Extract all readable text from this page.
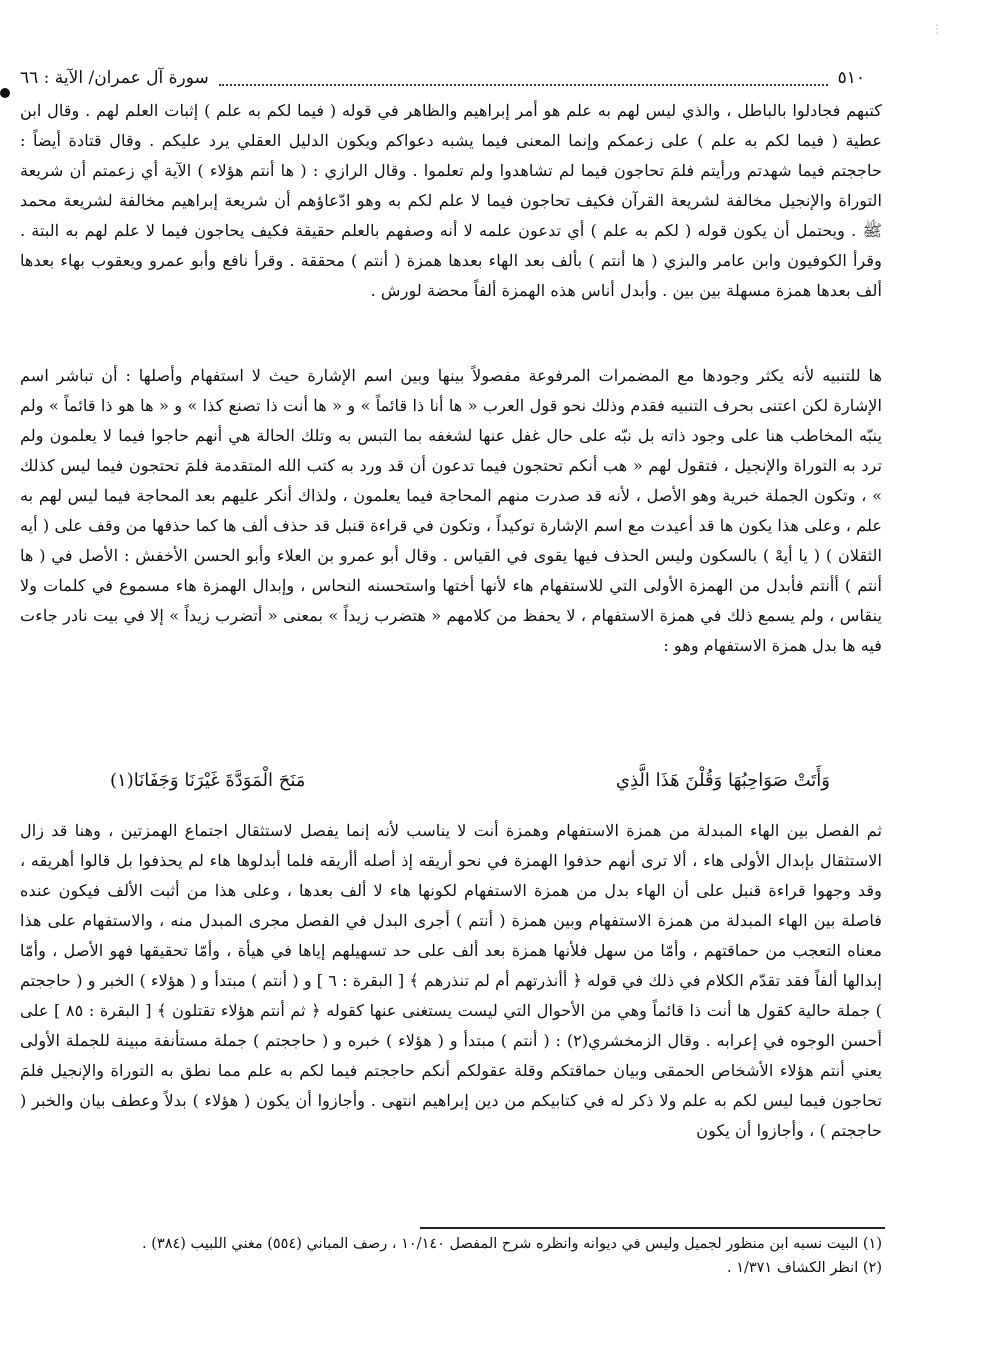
⋮
٥١٠
سورة آل عمران/ الآية : ٦٦

كتبهم فجادلوا بالباطل ، والذي ليس لهم به علم هو أمر إبراهيم والظاهر في قوله ( فيما لكم به علم ) إثبات العلم لهم . وقال ابن عطية ( فيما لكم به علم ) على زعمكم وإنما المعنى فيما يشبه دعواكم ويكون الدليل العقلي يرد عليكم . وقال قتادة أيضاً : حاججتم فيما شهدتم ورأيتم فلمَ تحاجون فيما لم تشاهدوا ولم تعلموا . وقال الرازي : ( ها أنتم هؤلاء ) الآية أي زعمتم أن شريعة التوراة والإنجيل مخالفة لشريعة القرآن فكيف تحاجون فيما لا علم لكم به وهو ادّعاؤهم أن شريعة إبراهيم مخالفة لشريعة محمد ﷺ . ويحتمل أن يكون قوله ( لكم به علم ) أي تدعون علمه لا أنه وصفهم بالعلم حقيقة فكيف يحاجون فيما لا علم لهم به البتة . وقرأ الكوفيون وابن عامر والبزي ( ها أنتم ) بألف بعد الهاء بعدها همزة ( أنتم ) محققة . وقرأ نافع وأبو عمرو ويعقوب بهاء بعدها ألف بعدها همزة مسهلة بين بين . وأبدل أناس هذه الهمزة ألفاً محضة لورش .

ها للتنبيه لأنه يكثر وجودها مع المضمرات المرفوعة مفصولاً بينها وبين اسم الإشارة حيث لا استفهام وأصلها : أن تباشر اسم الإشارة لكن اعتنى بحرف التنبيه فقدم وذلك نحو قول العرب « ها أنا ذا قائماً » و « ها أنت ذا تصنع كذا » و « ها هو ذا قائماً » ولم ينبّه المخاطب هنا على وجود ذاته بل نبّه على حال غفل عنها لشغفه بما التبس به وتلك الحالة هي أنهم حاجوا فيما لا يعلمون ولم ترد به التوراة والإنجيل ، فتقول لهم « هب أنكم تحتجون فيما تدعون أن قد ورد به كتب الله المتقدمة فلمَ تحتجون فيما ليس كذلك » ، وتكون الجملة خبرية وهو الأصل ، لأنه قد صدرت منهم المحاجة فيما يعلمون ، ولذاك أنكر عليهم بعد المحاجة فيما ليس لهم به علم ، وعلى هذا يكون ها قد أعيدت مع اسم الإشارة توكيداً ، وتكون في قراءة قنبل قد حذف ألف ها كما حذفها من وقف على ( أيه الثقلان ) ( يا أيهْ ) بالسكون وليس الحذف فيها يقوى في القياس . وقال أبو عمرو بن العلاء وأبو الحسن الأخفش : الأصل في ( ها أنتم ) أأنتم فأبدل من الهمزة الأولى التي للاستفهام هاء لأنها أختها واستحسنه النحاس ، وإبدال الهمزة هاء مسموع في كلمات ولا ينقاس ، ولم يسمع ذلك في همزة الاستفهام ، لا يحفظ من كلامهم « هتضرب زيداً » بمعنى « أتضرب زيداً » إلا في بيت نادر جاءت فيه ها بدل همزة الاستفهام وهو :

وَأَتَتْ صَوَاحِبُهَا وَقُلْنَ هَذَا الَّذِي
مَنَحَ الْمَوَدَّةَ غَيْرَنَا وَجَفَانَا(١)

ثم الفصل بين الهاء المبدلة من همزة الاستفهام وهمزة أنت لا يناسب لأنه إنما يفصل لاستثقال اجتماع الهمزتين ، وهنا قد زال الاستثقال بإبدال الأولى هاء ، ألا ترى أنهم حذفوا الهمزة في نحو أريقه إذ أصله أأريقه فلما أبدلوها هاء لم يحذفوا بل قالوا أهريقه ، وقد وجهوا قراءة قنبل على أن الهاء بدل من همزة الاستفهام لكونها هاء لا ألف بعدها ، وعلى هذا من أثبت الألف فيكون عنده فاصلة بين الهاء المبدلة من همزة الاستفهام وبين همزة ( أنتم ) أجرى البدل في الفصل مجرى المبدل منه ، والاستفهام على هذا معناه التعجب من حماقتهم ، وأمّا من سهل فلأنها همزة بعد ألف على حد تسهيلهم إياها في هيأة ، وأمّا تحقيقها فهو الأصل ، وأمّا إبدالها ألفاً فقد تقدّم الكلام في ذلك في قوله ﴿ أأنذرتهم أم لم تنذرهم ﴾ [ البقرة : ٦ ] و ( أنتم ) مبتدأ و ( هؤلاء ) الخبر و ( حاججتم ) جملة حالية كقول ها أنت ذا قائماً وهي من الأحوال التي ليست يستغنى عنها كقوله ﴿ ثم أنتم هؤلاء تقتلون ﴾ [ البقرة : ٨٥ ] على أحسن الوجوه في إعرابه . وقال الزمخشري(٢) : ( أنتم ) مبتدأ و ( هؤلاء ) خبره و ( حاججتم ) جملة مستأنفة مبينة للجملة الأولى يعني أنتم هؤلاء الأشخاص الحمقى وبيان حماقتكم وقلة عقولكم أنكم حاججتم فيما لكم به علم مما نطق به التوراة والإنجيل فلمَ تحاجون فيما ليس لكم به علم ولا ذكر له في كتابيكم من دين إبراهيم انتهى . وأجازوا أن يكون ( هؤلاء ) بدلاً وعطف بيان والخبر ( حاججتم ) ، وأجازوا أن يكون

(١) البيت نسبه ابن منظور لجميل وليس في ديوانه وانظره شرح المفصل ١٠/١٤٠ ، رصف المباني (٥٥٤) مغني اللبيب (٣٨٤) .

(٢) انظر الكشاف ١/٣٧١ .
